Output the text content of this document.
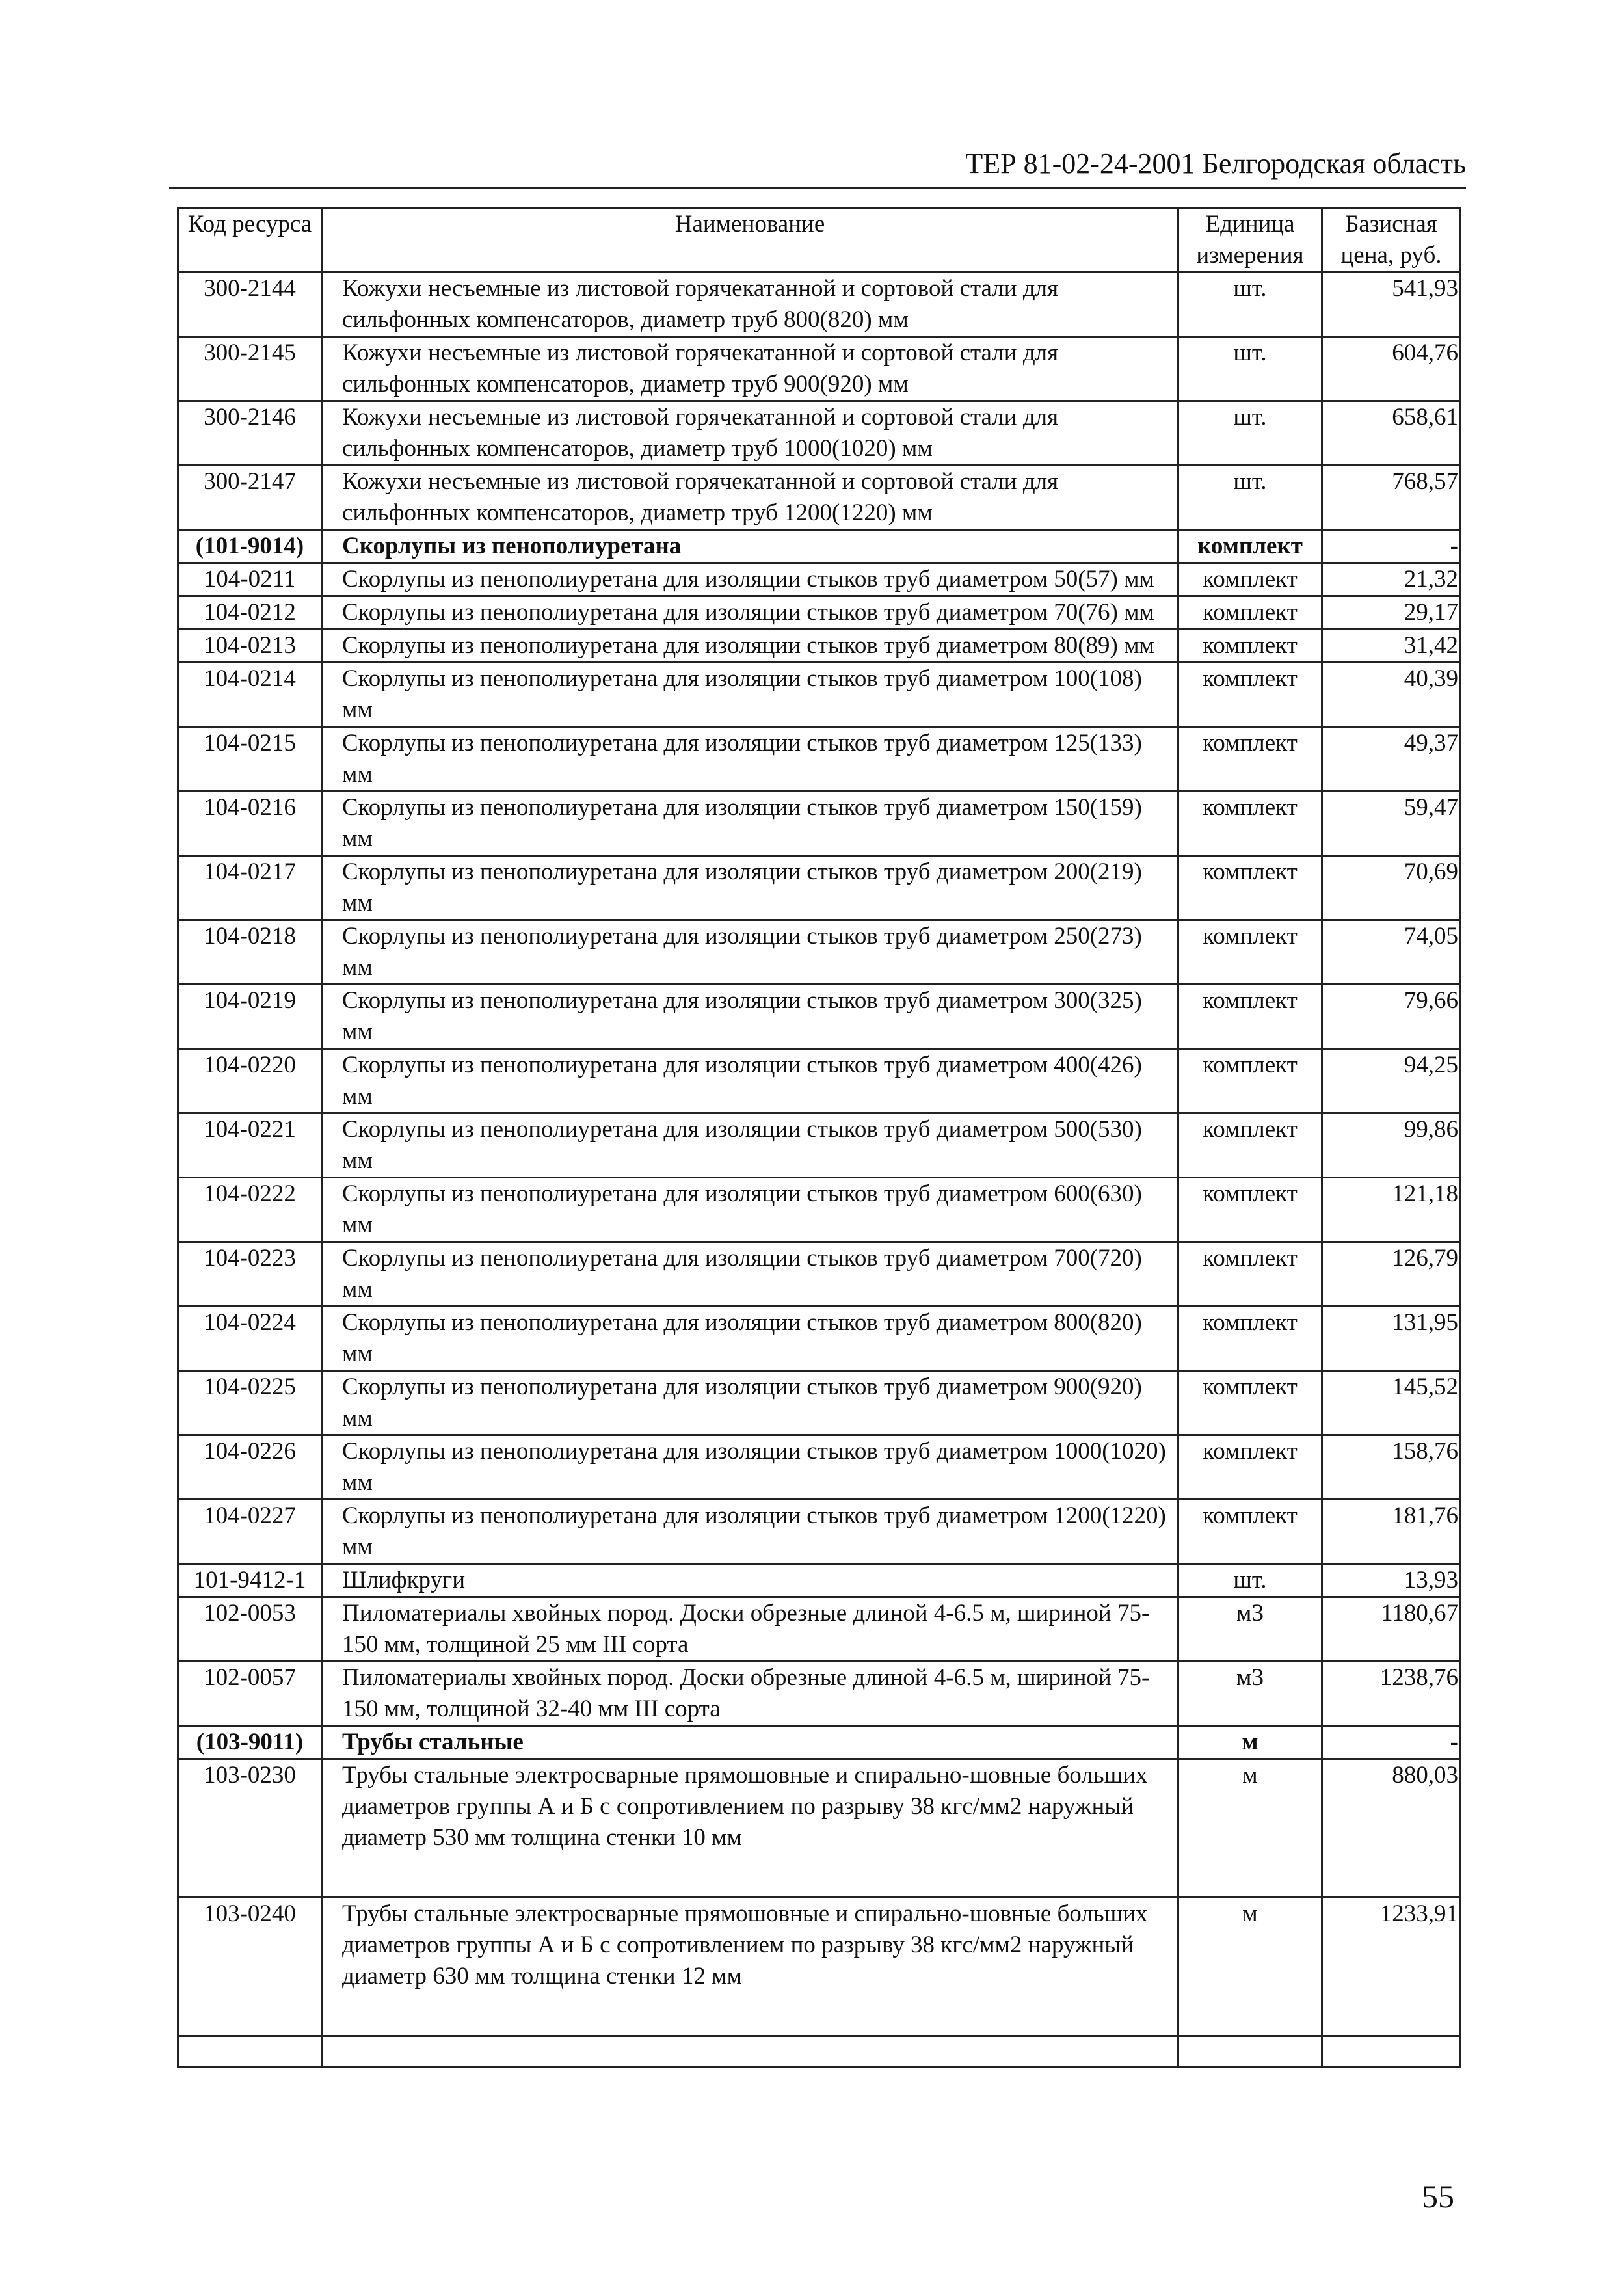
ТЕР 81-02-24-2001 Белгородская область
Код ресурса	Наименование	Единица измерения	Базисная цена, руб.
300-2144	Кожухи несъемные из листовой горячекатанной и сортовой стали для сильфонных компенсаторов, диаметр труб 800(820) мм	шт.	541,93
300-2145	Кожухи несъемные из листовой горячекатанной и сортовой стали для сильфонных компенсаторов, диаметр труб 900(920) мм	шт.	604,76
300-2146	Кожухи несъемные из листовой горячекатанной и сортовой стали для сильфонных компенсаторов, диаметр труб 1000(1020) мм	шт.	658,61
300-2147	Кожухи несъемные из листовой горячекатанной и сортовой стали для сильфонных компенсаторов, диаметр труб 1200(1220) мм	шт.	768,57
(101-9014)	Скорлупы из пенополиуретана	комплект	-
104-0211	Скорлупы из пенополиуретана для изоляции стыков труб диаметром 50(57) мм	комплект	21,32
104-0212	Скорлупы из пенополиуретана для изоляции стыков труб диаметром 70(76) мм	комплект	29,17
104-0213	Скорлупы из пенополиуретана для изоляции стыков труб диаметром 80(89) мм	комплект	31,42
104-0214	Скорлупы из пенополиуретана для изоляции стыков труб диаметром 100(108) мм	комплект	40,39
104-0215	Скорлупы из пенополиуретана для изоляции стыков труб диаметром 125(133) мм	комплект	49,37
104-0216	Скорлупы из пенополиуретана для изоляции стыков труб диаметром 150(159) мм	комплект	59,47
104-0217	Скорлупы из пенополиуретана для изоляции стыков труб диаметром 200(219) мм	комплект	70,69
104-0218	Скорлупы из пенополиуретана для изоляции стыков труб диаметром 250(273) мм	комплект	74,05
104-0219	Скорлупы из пенополиуретана для изоляции стыков труб диаметром 300(325) мм	комплект	79,66
104-0220	Скорлупы из пенополиуретана для изоляции стыков труб диаметром 400(426) мм	комплект	94,25
104-0221	Скорлупы из пенополиуретана для изоляции стыков труб диаметром 500(530) мм	комплект	99,86
104-0222	Скорлупы из пенополиуретана для изоляции стыков труб диаметром 600(630) мм	комплект	121,18
104-0223	Скорлупы из пенополиуретана для изоляции стыков труб диаметром 700(720) мм	комплект	126,79
104-0224	Скорлупы из пенополиуретана для изоляции стыков труб диаметром 800(820) мм	комплект	131,95
104-0225	Скорлупы из пенополиуретана для изоляции стыков труб диаметром 900(920) мм	комплект	145,52
104-0226	Скорлупы из пенополиуретана для изоляции стыков труб диаметром 1000(1020) мм	комплект	158,76
104-0227	Скорлупы из пенополиуретана для изоляции стыков труб диаметром 1200(1220) мм	комплект	181,76
101-9412-1	Шлифкруги	шт.	13,93
102-0053	Пиломатериалы хвойных пород. Доски обрезные длиной 4-6.5 м, шириной 75-150 мм, толщиной 25 мм III сорта	м3	1180,67
102-0057	Пиломатериалы хвойных пород. Доски обрезные длиной 4-6.5 м, шириной 75-150 мм, толщиной 32-40 мм III сорта	м3	1238,76
(103-9011)	Трубы стальные	м	-
103-0230	Трубы стальные электросварные прямошовные и спирально-шовные больших диаметров группы А и Б с сопротивлением по разрыву 38 кгс/мм2 наружный диаметр 530 мм толщина стенки 10 мм	м	880,03
103-0240	Трубы стальные электросварные прямошовные и спирально-шовные больших диаметров группы А и Б с сопротивлением по разрыву 38 кгс/мм2 наружный диаметр 630 мм толщина стенки 12 мм	м	1233,91

55
